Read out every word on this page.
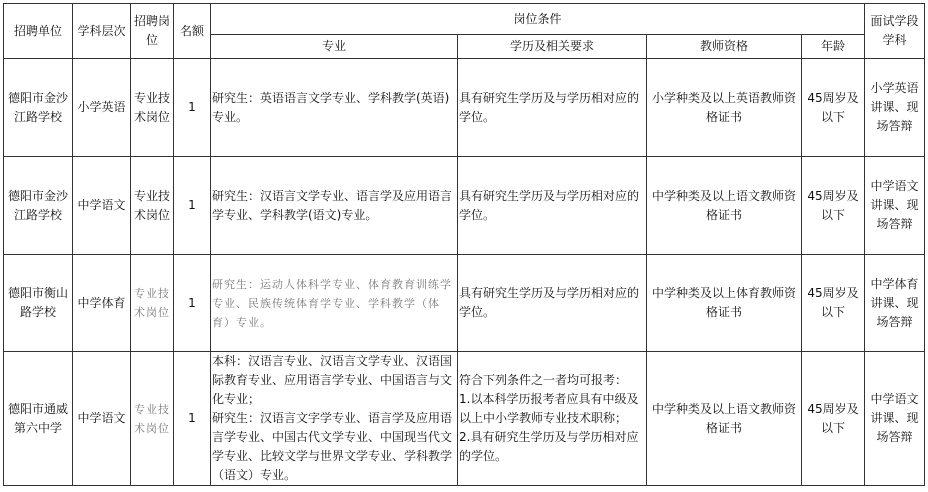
招聘单位	学科层次	招聘岗位	名额	岗位条件				面试学段学科
				专业	学历及相关要求	教师资格	年龄	
德阳市金沙江路学校	小学英语	专业技术岗位	1	研究生：英语语言文学专业、学科教学(英语)专业。	具有研究生学历及与学历相对应的学位。	小学种类及以上英语教师资格证书	45周岁及以下	小学英语讲课、现场答辩
德阳市金沙江路学校	中学语文	专业技术岗位	1	研究生：汉语言文学专业、语言学及应用语言学专业、学科教学(语文)专业。	具有研究生学历及与学历相对应的学位。	中学种类及以上语文教师资格证书	45周岁及以下	中学语文讲课、现场答辩
德阳市衡山路学校	中学体育	专业技术岗位	1	研究生：运动人体科学专业、体育教育训练学专业、民族传统体育学专业、学科教学（体育）专业。	具有研究生学历及与学历相对应的学位。	中学种类及以上体育教师资格证书	45周岁及以下	中学体育讲课、现场答辩
德阳市通威第六中学	中学语文	专业技术岗位	1	本科：汉语言专业、汉语言文学专业、汉语国际教育专业、应用语言学专业、中国语言与文化专业；
研究生：汉语言文字学专业、语言学及应用语言学专业、中国古代文学专业、中国现当代文学专业、比较文学与世界文学专业、学科教学（语文）专业。	符合下列条件之一者均可报考：
1.以本科学历报考者应具有中级及以上中小学教师专业技术职称；
2.具有研究生学历及与学历相对应的学位。	中学种类及以上语文教师资格证书	45周岁及以下	中学语文讲课、现场答辩
